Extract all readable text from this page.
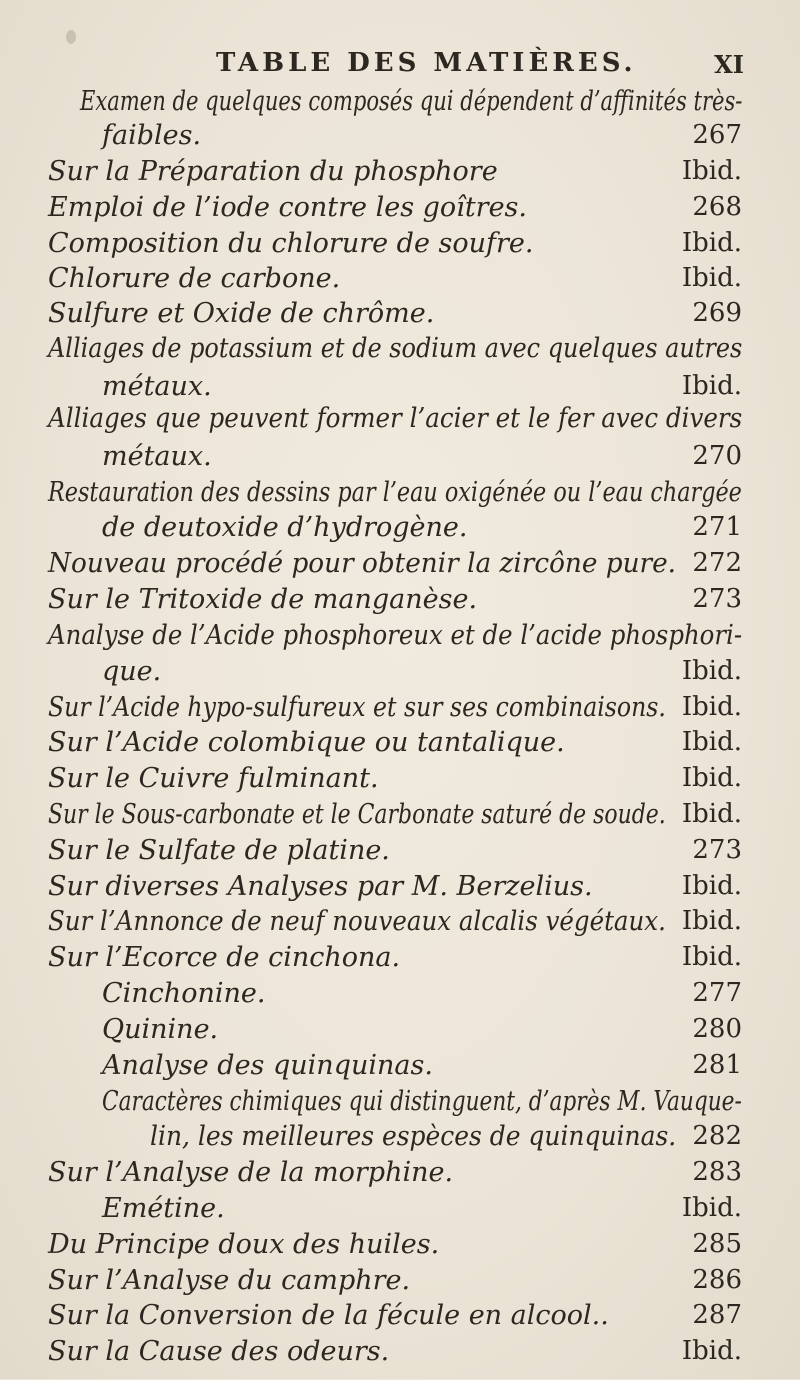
TABLE DES MATIÈRES.	XI
Examen de quelques composés qui dépendent d’affinités très-
faibles.	267
Sur la Préparation du phosphore	Ibid.
Emploi de l’iode contre les goîtres.	268
Composition du chlorure de soufre.	Ibid.
Chlorure de carbone.	Ibid.
Sulfure et Oxide de chrôme.	269
Alliages de potassium et de sodium avec quelques autres
métaux.	Ibid.
Alliages que peuvent former l’acier et le fer avec divers
métaux.	270
Restauration des dessins par l’eau oxigénée ou l’eau chargée
de deutoxide d’hydrogène.	271
Nouveau procédé pour obtenir la zircône pure. 272
Sur le Tritoxide de manganèse.	273
Analyse de l’Acide phosphoreux et de l’acide phosphori-
que.	Ibid.
Sur l’Acide hypo-sulfureux et sur ses combinaisons. Ibid.
Sur l’Acide colombique ou tantalique.	Ibid.
Sur le Cuivre fulminant.	Ibid.
Sur le Sous-carbonate et le Carbonate saturé de soude. Ibid.
Sur le Sulfate de platine.	273
Sur diverses Analyses par M. Berzelius.	Ibid.
Sur l’Annonce de neuf nouveaux alcalis végétaux. Ibid.
Sur l’Ecorce de cinchona.	Ibid.
Cinchonine.	277
Quinine.	280
Analyse des quinquinas.	281
Caractères chimiques qui distinguent, d’après M. Vauque-
lin, les meilleures espèces de quinquinas. 282
Sur l’Analyse de la morphine.	283
Emétine.	Ibid.
Du Principe doux des huiles.	285
Sur l’Analyse du camphre.	286
Sur la Conversion de la fécule en alcool..	287
Sur la Cause des odeurs.	Ibid.
